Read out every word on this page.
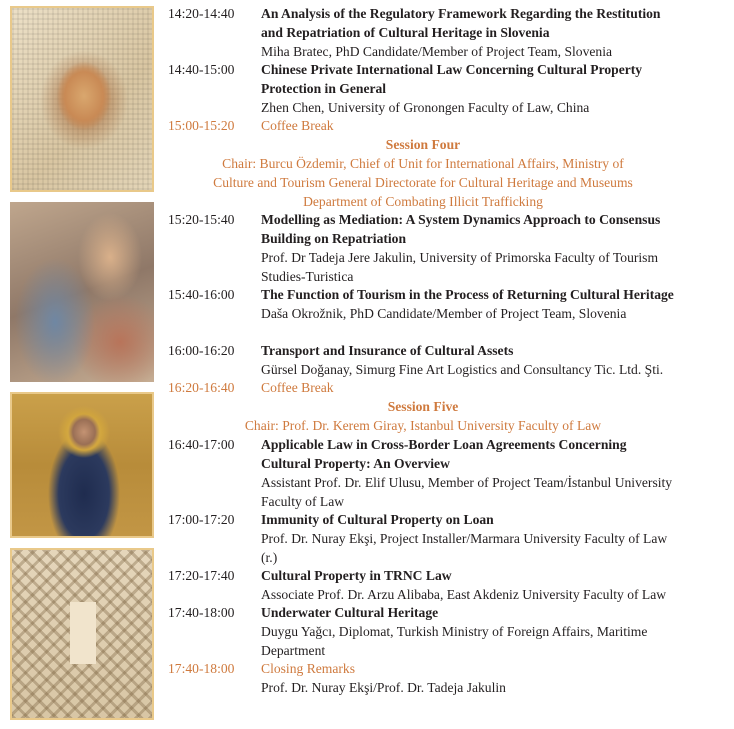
14:20-14:40	An Analysis of the Regulatory Framework Regarding the Restitution and Repatriation of Cultural Heritage in Slovenia
Miha Bratec, PhD Candidate/Member of Project Team, Slovenia
14:40-15:00	Chinese Private International Law Concerning Cultural Property Protection in General
Zhen Chen, University of Gronongen Faculty of Law, China
15:00-15:20	Coffee Break
Session Four
Chair: Burcu Özdemir, Chief of Unit for International Affairs, Ministry of
Culture and Tourism General Directorate for Cultural Heritage and Museums
Department of Combating Illicit Trafficking
15:20-15:40	Modelling as Mediation: A System Dynamics Approach to Consensus Building on Repatriation
Prof. Dr Tadeja Jere Jakulin, University of Primorska Faculty of Tourism Studies-Turistica
15:40-16:00	The Function of Tourism in the Process of Returning Cultural Heritage
Daša Okrožnik, PhD Candidate/Member of Project Team, Slovenia
16:00-16:20	Transport and Insurance of Cultural Assets
Gürsel Doğanay, Simurg Fine Art Logistics and Consultancy Tic. Ltd. Şti.
16:20-16:40	Coffee Break
Session Five
Chair: Prof. Dr. Kerem Giray, Istanbul University Faculty of Law
16:40-17:00	Applicable Law in Cross-Border Loan Agreements Concerning Cultural Property: An Overview
Assistant Prof. Dr. Elif Ulusu, Member of Project Team/İstanbul University Faculty of Law
17:00-17:20	Immunity of Cultural Property on Loan
Prof. Dr. Nuray Ekşi, Project Installer/Marmara University Faculty of Law (r.)
17:20-17:40	Cultural Property in TRNC Law
Associate Prof. Dr. Arzu Alibaba, East Akdeniz University Faculty of Law
17:40-18:00	Underwater Cultural Heritage
Duygu Yağcı, Diplomat, Turkish Ministry of Foreign Affairs, Maritime Department
17:40-18:00	Closing Remarks
Prof. Dr. Nuray Ekşi/Prof. Dr. Tadeja Jakulin
